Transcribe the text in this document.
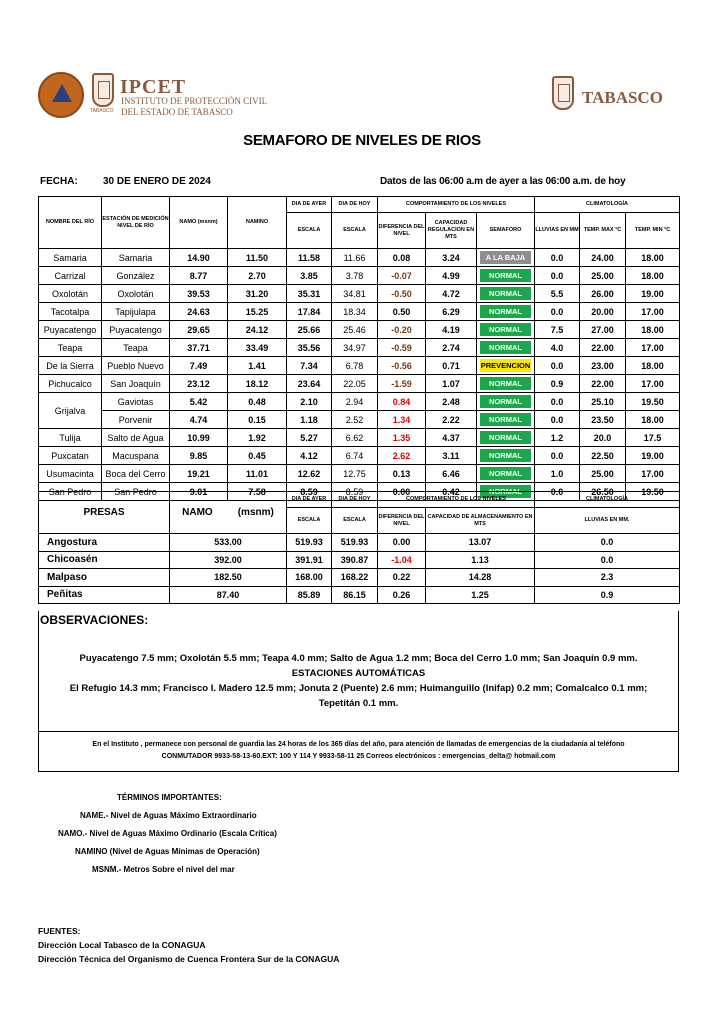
TABASCO
IPCET
INSTITUTO DE PROTECCIÓN CIVIL
DEL ESTADO DE TABASCO
TABASCO
SEMAFORO DE NIVELES DE RIOS
FECHA:	30 DE ENERO DE 2024	Datos de las 06:00 a.m de ayer a las 06:00 a.m. de hoy
NOMBRE DEL RÍO	ESTACIÓN DE MEDICIÓN NIVEL DE RÍO	NAMO (msnm)	NAMINO	DIA DE AYER	DIA DE HOY	COMPORTAMIENTO DE LOS NIVELES			CLIMATOLOGÍA		
				ESCALA	ESCALA	DIFERENCIA DEL NIVEL	CAPACIDAD REGULACION EN MTS	SEMAFORO	LLUVIAS EN MM	TEMP. MAX °C	TEMP. MIN °C
Samaria	Samaria	14.90	11.50	11.58	11.66	0.08	3.24	A LA BAJA	0.0	24.00	18.00
Carrizal	González	8.77	2.70	3.85	3.78	-0.07	4.99	NORMAL	0.0	25.00	18.00
Oxolotán	Oxolotán	39.53	31.20	35.31	34.81	-0.50	4.72	NORMAL	5.5	26.00	19.00
Tacotalpa	Tapijulapa	24.63	15.25	17.84	18.34	0.50	6.29	NORMAL	0.0	20.00	17.00
Puyacatengo	Puyacatengo	29.65	24.12	25.66	25.46	-0.20	4.19	NORMAL	7.5	27.00	18.00
Teapa	Teapa	37.71	33.49	35.56	34.97	-0.59	2.74	NORMAL	4.0	22.00	17.00
De la Sierra	Pueblo Nuevo	7.49	1.41	7.34	6.78	-0.56	0.71	PREVENCION	0.0	23.00	18.00
Pichucalco	San Joaquín	23.12	18.12	23.64	22.05	-1.59	1.07	NORMAL	0.9	22.00	17.00
Grijalva	Gaviotas	5.42	0.48	2.10	2.94	0.84	2.48	NORMAL	0.0	25.10	19.50
	Porvenir	4.74	0.15	1.18	2.52	1.34	2.22	NORMAL	0.0	23.50	18.00
Tulija	Salto de Agua	10.99	1.92	5.27	6.62	1.35	4.37	NORMAL	1.2	20.0	17.5
Puxcatan	Macuspana	9.85	0.45	4.12	6.74	2.62	3.11	NORMAL	0.0	22.50	19.00
Usumacinta	Boca del Cerro	19.21	11.01	12.62	12.75	0.13	6.46	NORMAL	1.0	25.00	17.00
San Pedro	San Pedro	9.01	7.58	8.59	8.59	0.00	0.42	NORMAL	0.0	26.50	19.50
PRESAS	NAMO (msnm)	DIA DE AYER	DIA DE HOY	COMPORTAMIENTO DE LOS NIVELES		CLIMATOLOGÍA
		ESCALA	ESCALA	DIFERENCIA DEL NIVEL	CAPACIDAD DE ALMACENAMIENTO EN MTS	LLUVIAS EN MM.
Angostura	533.00	519.93	519.93	0.00	13.07	0.0
Chicoasén	392.00	391.91	390.87	-1.04	1.13	0.0
Malpaso	182.50	168.00	168.22	0.22	14.28	2.3
Peñitas	87.40	85.89	86.15	0.26	1.25	0.9
OBSERVACIONES:
Puyacatengo 7.5 mm; Oxolotán 5.5 mm; Teapa 4.0 mm; Salto de Agua 1.2 mm; Boca del Cerro 1.0 mm; San Joaquín 0.9 mm.
ESTACIONES AUTOMÁTICAS
El Refugio 14.3 mm; Francisco I. Madero 12.5 mm; Jonuta 2 (Puente) 2.6 mm; Huimanguillo (Inifap) 0.2 mm; Comalcalco 0.1 mm;
Tepetitán 0.1 mm.
En el Instituto , permanece con personal de guardia las 24 horas de los 365 días del año, para atención de llamadas de emergencias de la ciudadanía al teléfono
CONMUTADOR 9933-58-13-60.EXT: 100 Y 114 Y 9933-58-11 25 Correos electrónicos : emergencias_delta@ hotmail.com
TÉRMINOS IMPORTANTES:
NAME.- Nivel de Aguas Máximo Extraordinario
NAMO.- Nivel de Aguas Máximo Ordinario (Escala Crítica)
NAMINO (Nivel de Aguas Mínimas de Operación)
MSNM.- Metros Sobre el nivel del mar
FUENTES:
Dirección Local Tabasco de la CONAGUA
Dirección Técnica del Organismo de Cuenca Frontera Sur de la CONAGUA
